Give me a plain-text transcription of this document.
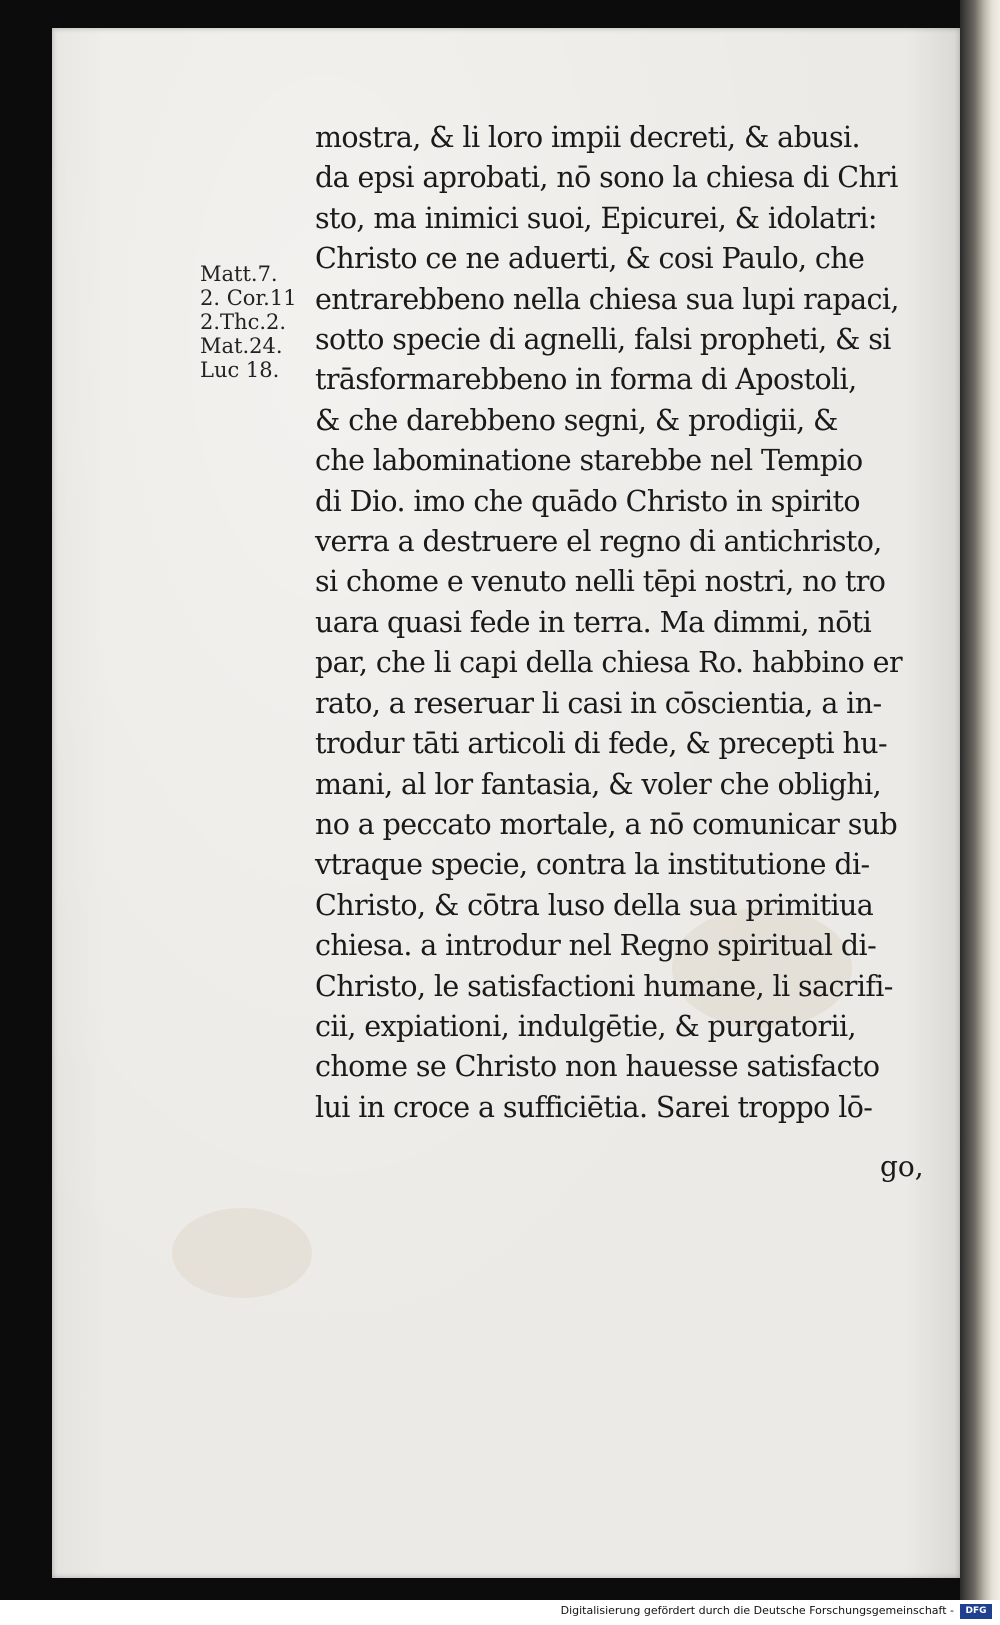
Matt.7.
2. Cor.11
2.Thc.2.
Mat.24.
Luc 18.
mostra, & li loro impii decreti, & abusi.
da epsi aprobati, nō sono la chiesa di Chri
sto, ma inimici suoi, Epicurei, & idolatri:
Christo ce ne aduerti, & cosi Paulo, che
entrarebbeno nella chiesa sua lupi rapaci,
sotto specie di agnelli, falsi propheti, & si
trāsformarebbeno in forma di Apostoli,
& che darebbeno segni, & prodigii, &
che labominatione starebbe nel Tempio
di Dio. imo che quādo Christo in spirito
verra a destruere el regno di antichristo,
si chome e venuto nelli tēpi nostri, no tro
uara quasi fede in terra. Ma dimmi, nōti
par, che li capi della chiesa Ro. habbino er
rato, a reseruar li casi in cōscientia, a in-
trodur tāti articoli di fede, & precepti hu-
mani, al lor fantasia, & voler che oblighi,
no a peccato mortale, a nō comunicar sub
vtraque specie, contra la institutione di-
Christo, & cōtra luso della sua primitiua
chiesa. a introdur nel Regno spiritual di-
Christo, le satisfactioni humane, li sacrifi-
cii, expiationi, indulgētie, & purgatorii,
chome se Christo non hauesse satisfacto
lui in croce a sufficiētia. Sarei troppo lō-
go,
Digitalisierung gefördert durch die Deutsche Forschungsgemeinschaft -	DFG
